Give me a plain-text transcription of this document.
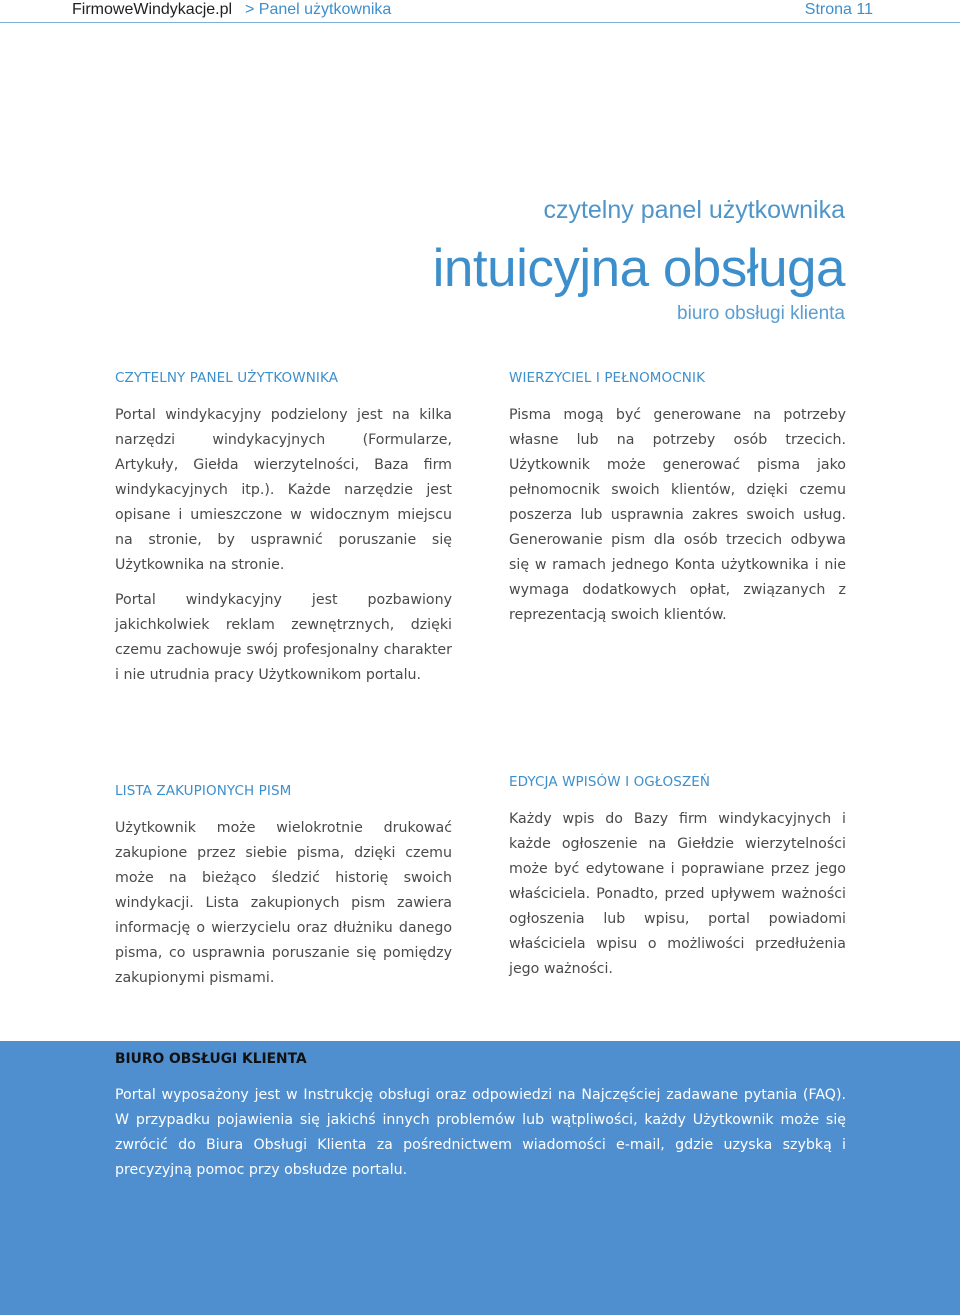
FirmoweWindykacje.pl > Panel użytkownika	Strona 11
czytelny panel użytkownika
intuicyjna obsługa
biuro obsługi klienta
CZYTELNY PANEL UŻYTKOWNIKA

Portal windykacyjny podzielony jest na kilka narzędzi windykacyjnych (Formularze, Artykuły, Giełda wierzytelności, Baza firm windykacyjnych itp.). Każde narzędzie jest opisane i umieszczone w widocznym miejscu na stronie, by usprawnić poruszanie się Użytkownika na stronie.

Portal windykacyjny jest pozbawiony jakichkolwiek reklam zewnętrznych, dzięki czemu zachowuje swój profesjonalny charakter i nie utrudnia pracy Użytkownikom portalu.

WIERZYCIEL I PEŁNOMOCNIK

Pisma mogą być generowane na potrzeby własne lub na potrzeby osób trzecich. Użytkownik może generować pisma jako pełnomocnik swoich klientów, dzięki czemu poszerza lub usprawnia zakres swoich usług. Generowanie pism dla osób trzecich odbywa się w ramach jednego Konta użytkownika i nie wymaga dodatkowych opłat, związanych z reprezentacją swoich klientów.

LISTA ZAKUPIONYCH PISM

Użytkownik może wielokrotnie drukować zakupione przez siebie pisma, dzięki czemu może na bieżąco śledzić historię swoich windykacji. Lista zakupionych pism zawiera informację o wierzycielu oraz dłużniku danego pisma, co usprawnia poruszanie się pomiędzy zakupionymi pismami.

EDYCJA WPISÓW I OGŁOSZEŃ

Każdy wpis do Bazy firm windykacyjnych i każde ogłoszenie na Giełdzie wierzytelności może być edytowane i poprawiane przez jego właściciela. Ponadto, przed upływem ważności ogłoszenia lub wpisu, portal powiadomi właściciela wpisu o możliwości przedłużenia jego ważności.

BIURO OBSŁUGI KLIENTA

Portal wyposażony jest w Instrukcję obsługi oraz odpowiedzi na Najczęściej zadawane pytania (FAQ). W przypadku pojawienia się jakichś innych problemów lub wątpliwości, każdy Użytkownik może się zwrócić do Biura Obsługi Klienta za pośrednictwem wiadomości e-mail, gdzie uzyska szybką i precyzyjną pomoc przy obsłudze portalu.
